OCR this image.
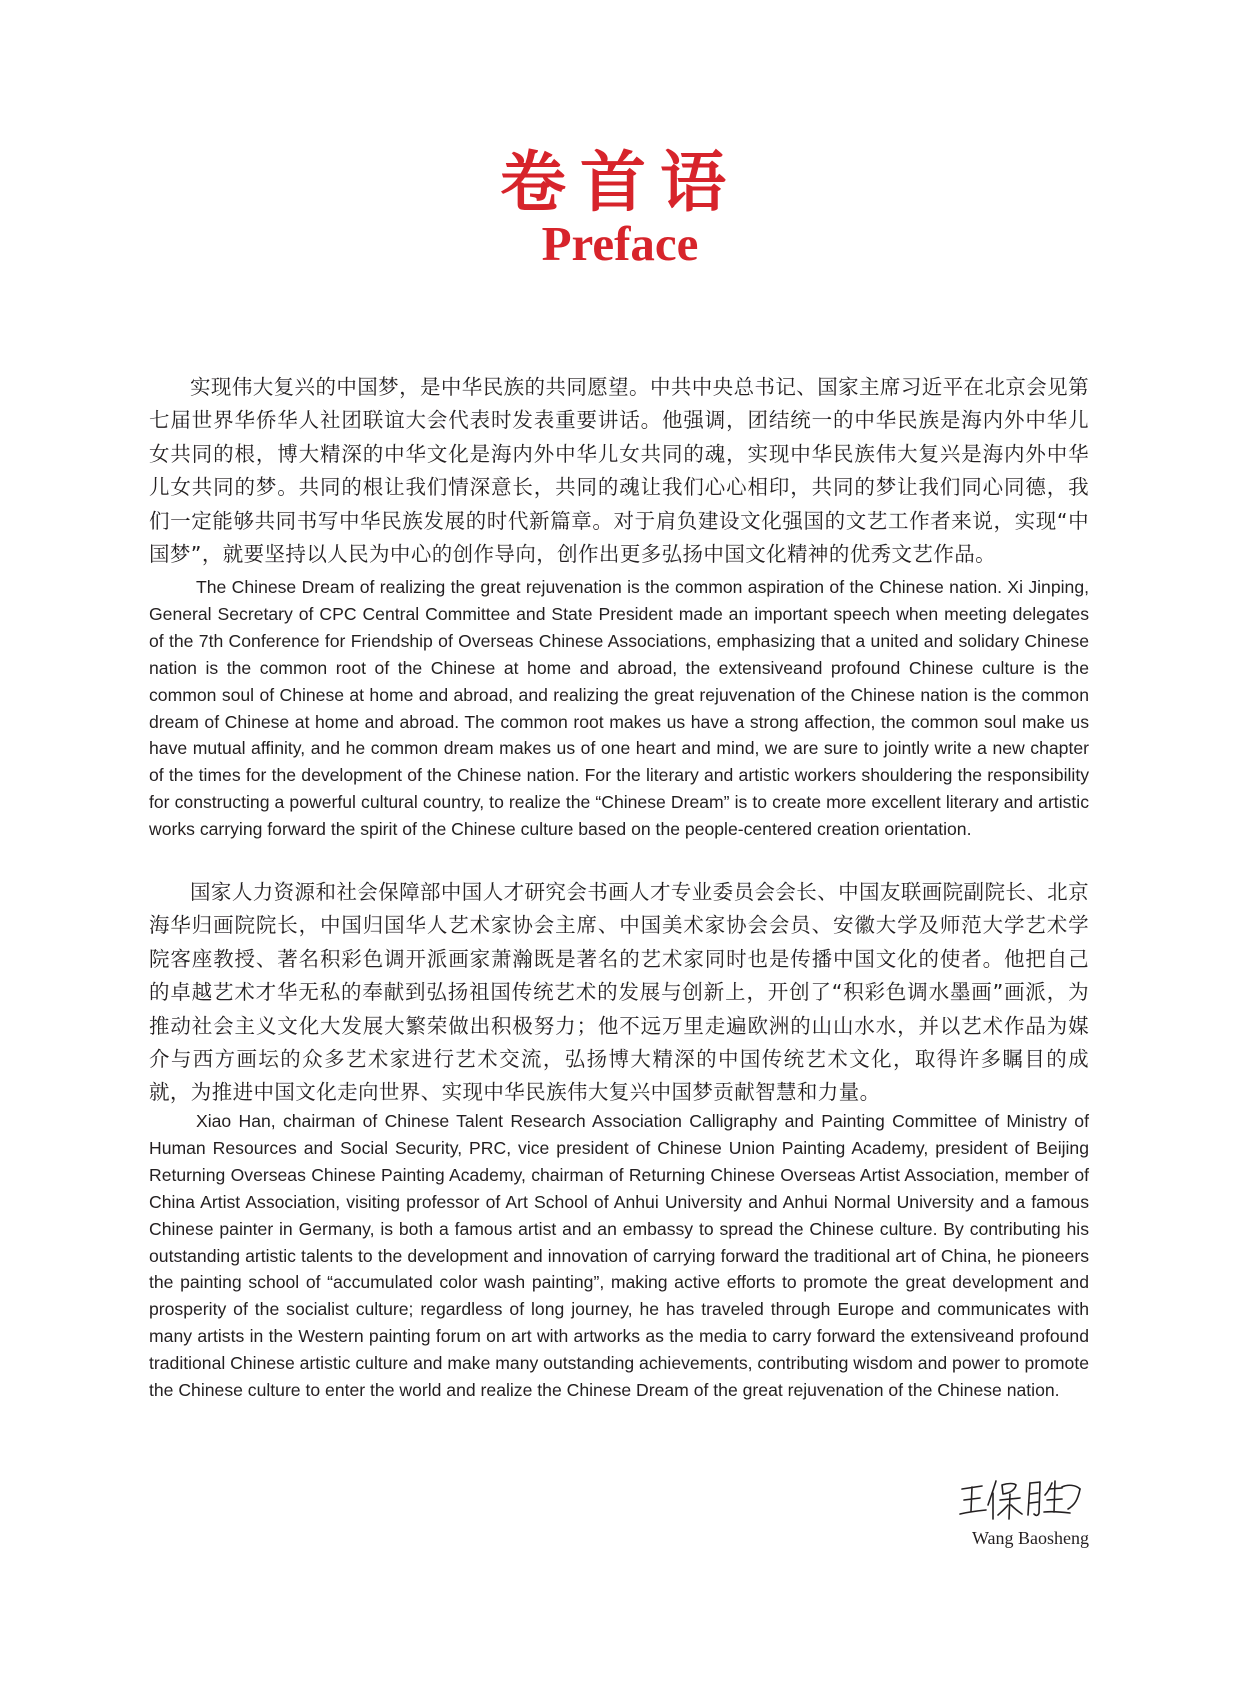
卷首语
Preface

实现伟大复兴的中国梦，是中华民族的共同愿望。中共中央总书记、国家主席习近平在北京会见第七届世界华侨华人社团联谊大会代表时发表重要讲话。他强调，团结统一的中华民族是海内外中华儿女共同的根，博大精深的中华文化是海内外中华儿女共同的魂，实现中华民族伟大复兴是海内外中华儿女共同的梦。共同的根让我们情深意长，共同的魂让我们心心相印，共同的梦让我们同心同德，我们一定能够共同书写中华民族发展的时代新篇章。对于肩负建设文化强国的文艺工作者来说，实现“中国梦”，就要坚持以人民为中心的创作导向，创作出更多弘扬中国文化精神的优秀文艺作品。

The Chinese Dream of realizing the great rejuvenation is the common aspiration of the Chinese nation. Xi Jinping, General Secretary of CPC Central Committee and State President made an important speech when meeting delegates of the 7th Conference for Friendship of Overseas Chinese Associations, emphasizing that a united and solidary Chinese nation is the common root of the Chinese at home and abroad, the extensiveand profound Chinese culture is the common soul of Chinese at home and abroad, and realizing the great rejuvenation of the Chinese nation is the common dream of Chinese at home and abroad. The common root makes us have a strong affection, the common soul make us have mutual affinity, and he common dream makes us of one heart and mind, we are sure to jointly write a new chapter of the times for the development of the Chinese nation. For the literary and artistic workers shouldering the responsibility for constructing a powerful cultural country, to realize the “Chinese Dream” is to create more excellent literary and artistic works carrying forward the spirit of the Chinese culture based on the people-centered creation orientation.

国家人力资源和社会保障部中国人才研究会书画人才专业委员会会长、中国友联画院副院长、北京海华归画院院长，中国归国华人艺术家协会主席、中国美术家协会会员、安徽大学及师范大学艺术学院客座教授、著名积彩色调开派画家萧瀚既是著名的艺术家同时也是传播中国文化的使者。他把自己的卓越艺术才华无私的奉献到弘扬祖国传统艺术的发展与创新上，开创了“积彩色调水墨画”画派，为推动社会主义文化大发展大繁荣做出积极努力；他不远万里走遍欧洲的山山水水，并以艺术作品为媒介与西方画坛的众多艺术家进行艺术交流，弘扬博大精深的中国传统艺术文化，取得许多瞩目的成就，为推进中国文化走向世界、实现中华民族伟大复兴中国梦贡献智慧和力量。

Xiao Han, chairman of Chinese Talent Research Association Calligraphy and Painting Committee of Ministry of Human Resources and Social Security, PRC, vice president of Chinese Union Painting Academy, president of Beijing Returning Overseas Chinese Painting Academy, chairman of Returning Chinese Overseas Artist Association, member of China Artist Association, visiting professor of Art School of Anhui University and Anhui Normal University and a famous Chinese painter in Germany, is both a famous artist and an embassy to spread the Chinese culture. By contributing his outstanding artistic talents to the development and innovation of carrying forward the traditional art of China, he pioneers the painting school of “accumulated color wash painting”, making active efforts to promote the great development and prosperity of the socialist culture; regardless of long journey, he has traveled through Europe and communicates with many artists in the Western painting forum on art with artworks as the media to carry forward the extensiveand profound traditional Chinese artistic culture and make many outstanding achievements, contributing wisdom and power to promote the Chinese culture to enter the world and realize the Chinese Dream of the great rejuvenation of the Chinese nation.

Wang Baosheng
